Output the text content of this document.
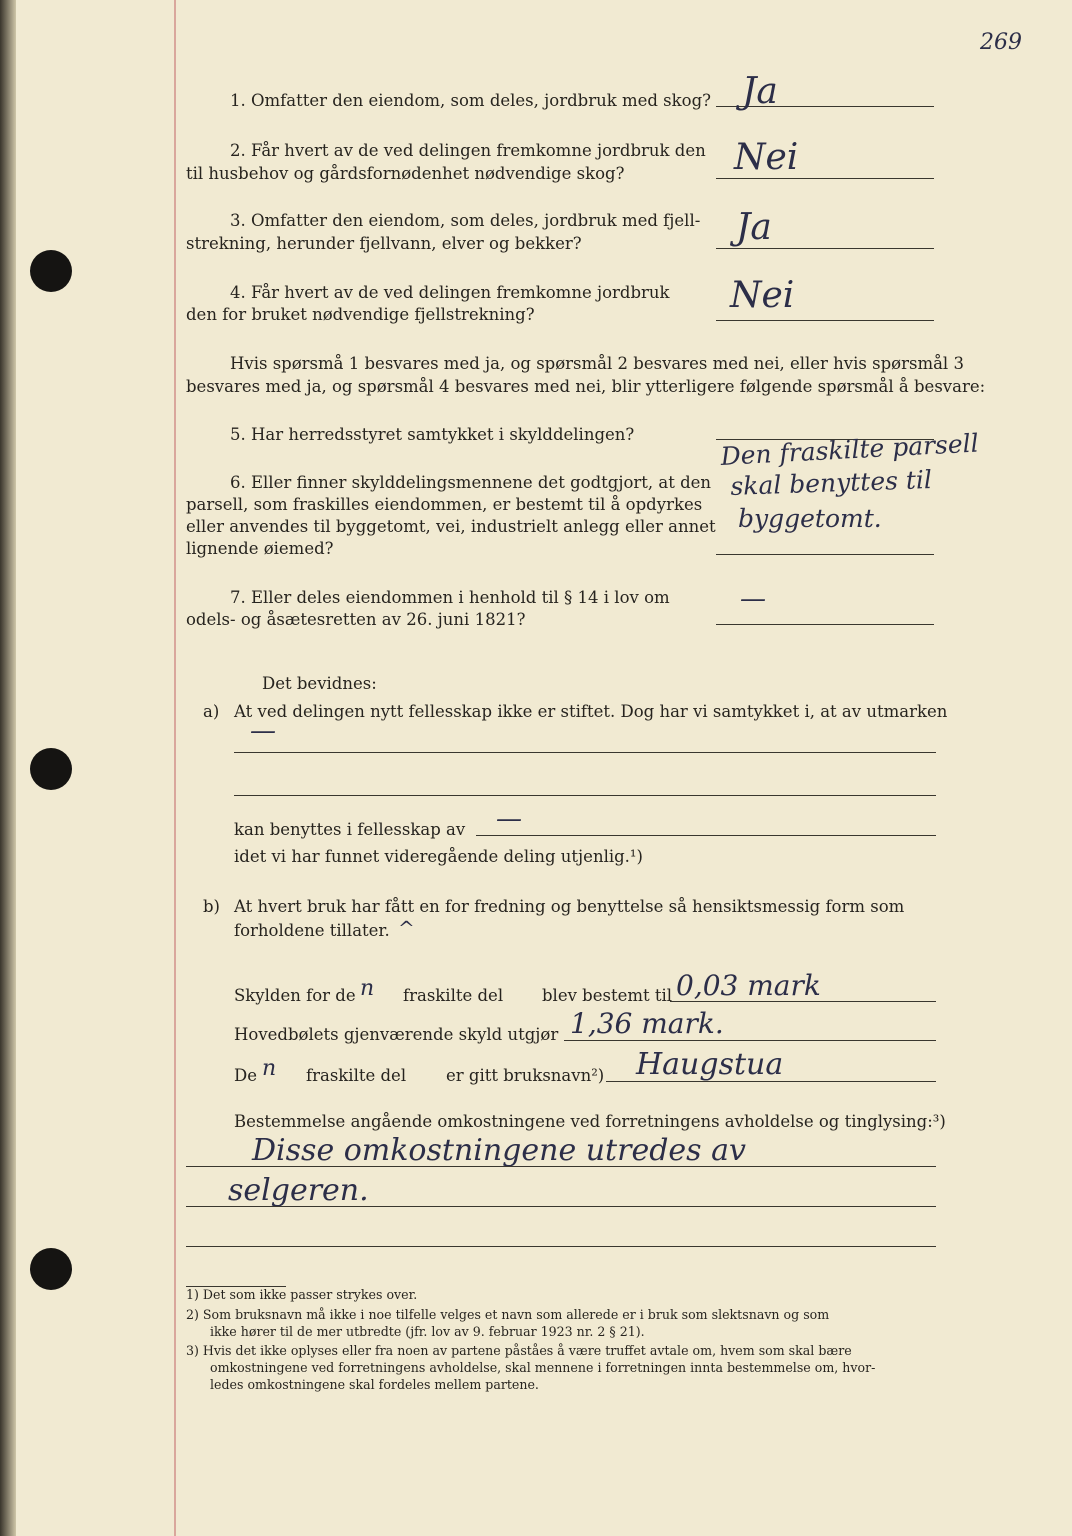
269
1. Omfatter den eiendom, som deles, jordbruk med skog? Ja
2. Får hvert av de ved delingen fremkomne jordbruk den
til husbehov og gårdsfornødenhet nødvendige skog?	Nei
3. Omfatter den eiendom, som deles, jordbruk med fjell-
strekning, herunder fjellvann, elver og bekker?	Ja
4. Får hvert av de ved delingen fremkomne jordbruk
den for bruket nødvendige fjellstrekning?	Nei
Hvis spørsmå 1 besvares med ja, og spørsmål 2 besvares med nei, eller hvis spørsmål 3
besvares med ja, og spørsmål 4 besvares med nei, blir ytterligere følgende spørsmål å besvare:
5. Har herredsstyret samtykket i skylddelingen?
6. Eller finner skylddelingsmennene det godtgjort, at den
parsell, som fraskilles eiendommen, er bestemt til å opdyrkes
eller anvendes til byggetomt, vei, industrielt anlegg eller annet
lignende øiemed?
Den fraskilte parsell
skal benyttes til
byggetomt.
7. Eller deles eiendommen i henhold til § 14 i lov om
odels- og åsætesretten av 26. juni 1821?
—
Det bevidnes:
a) At ved delingen nytt fellesskap ikke er stiftet. Dog har vi samtykket i, at av utmarken
—
kan benyttes i fellesskap av —
idet vi har funnet videregående deling utjenlig.¹)
b) At hvert bruk har fått en for fredning og benyttelse så hensiktsmessig form som
forholdene tillater. ^
Skylden for de n fraskilte del blev bestemt til 0,03 mark
Hovedbølets gjenværende skyld utgjør 1,36 mark.
De n fraskilte del er gitt bruksnavn²) Haugstua
Bestemmelse angående omkostningene ved forretningens avholdelse og tinglysing:³)
Disse omkostningene utredes av
selgeren.
1) Det som ikke passer strykes over.
2) Som bruksnavn må ikke i noe tilfelle velges et navn som allerede er i bruk som slektsnavn og som
ikke hører til de mer utbredte (jfr. lov av 9. februar 1923 nr. 2 § 21).
3) Hvis det ikke oplyses eller fra noen av partene påståes å være truffet avtale om, hvem som skal bære
omkostningene ved forretningens avholdelse, skal mennene i forretningen innta bestemmelse om, hvor-
ledes omkostningene skal fordeles mellem partene.
